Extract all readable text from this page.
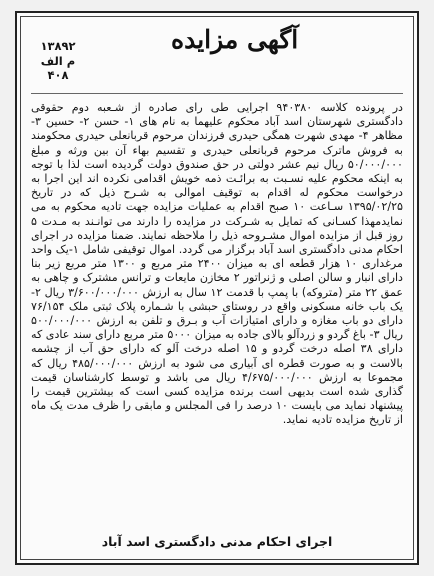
۱۳۸۹۲
م الف
۴۰۸
آگهی مزایده

در پرونده کلاسه ۹۴۰۳۸۰ اجرایی طی رای صادره از شـعبه دوم حقوقی دادگستری شهرستان اسد آباد محکوم علیهما به نام های ۱- حسن ۲- حسین ۳- مظاهر ۴- مهدی شهرت همگی حیدری فرزندان مرحوم قربانعلی حیدری محکومند به فروش ماترک مرحوم قربانعلی حیدری و تقسیم بهاء آن بین ورثه و مبلغ ۵۰/۰۰۰/۰۰۰ ریال نیم عشر دولتی در حق صندوق دولت گردیده است لذا با توجه به اینکه محکوم علیه نسـبت به برائـت ذمه خویش اقدامی نکرده اند این اجرا به درخواست محکوم له اقدام به توقیف اموالی به شـرح ذیل که در تاریخ ۱۳۹۵/۰۲/۲۵ سـاعت ۱۰ صبح اقدام به عملیات مزایده جهت تادیه محکوم به می نمایدمهذا کسـانی که تمایل به شـرکت در مزایده را دارند می توانـند به مـدت ۵ روز قبل از مزایده اموال مشـروحه ذیل را ملاحظه نمایند. ضمنا مزایده در اجرای احکام مدنی دادگستری اسد آباد برگزار می گردد. اموال توقیفی شامل ۱-یک واحد مرغداری ۱۰ هزار قطعه ای به میزان ۲۴۰۰ متر مربع و ۱۳۰۰ متر مربع زیر بنا دارای انبار و سالن اصلی و ژنراتور ۲ مخازن مایعات و ترانس مشترک و چاهی به عمق ۲۲ متر (متروکه) با پمپ با قدمت ۱۲ سال به ارزش ۳/۶۰۰/۰۰۰/۰۰۰ ریال ۲- یک باب خانه مسکونی واقع در روستای حبشی با شـماره پلاک ثبتی ملک ۷۶/۱۵۴ دارای دو باب مغازه و دارای امتیازات آب و بـرق و تلفن به ارزش ۵۰۰/۰۰۰/۰۰۰ ریال ۳- باغ گردو و زردآلو بالای جاده به میزان ۵۰۰۰ متر مربع دارای سند عادی که دارای ۳۸ اصله درخت گردو و ۱۵ اصله درخت آلو که دارای حق آب از چشمه بالاست و به صورت قطره ای آبیاری می شود به ارزش ۴۸۵/۰۰۰/۰۰۰ ریال که مجموعا به ارزش ۴/۶۷۵/۰۰۰/۰۰۰ ریال می باشد و توسط کارشناسان قیمت گذاری شده است بدیهی است برنده مزایده کسی است که بیشترین قیمت را پیشنهاد نماید می بایست ۱۰ درصد را فی المجلس و مابقی را ظرف مدت یک ماه از تاریخ مزایده تادیه نماید.

اجرای احکام مدنی دادگستری اسد آباد
